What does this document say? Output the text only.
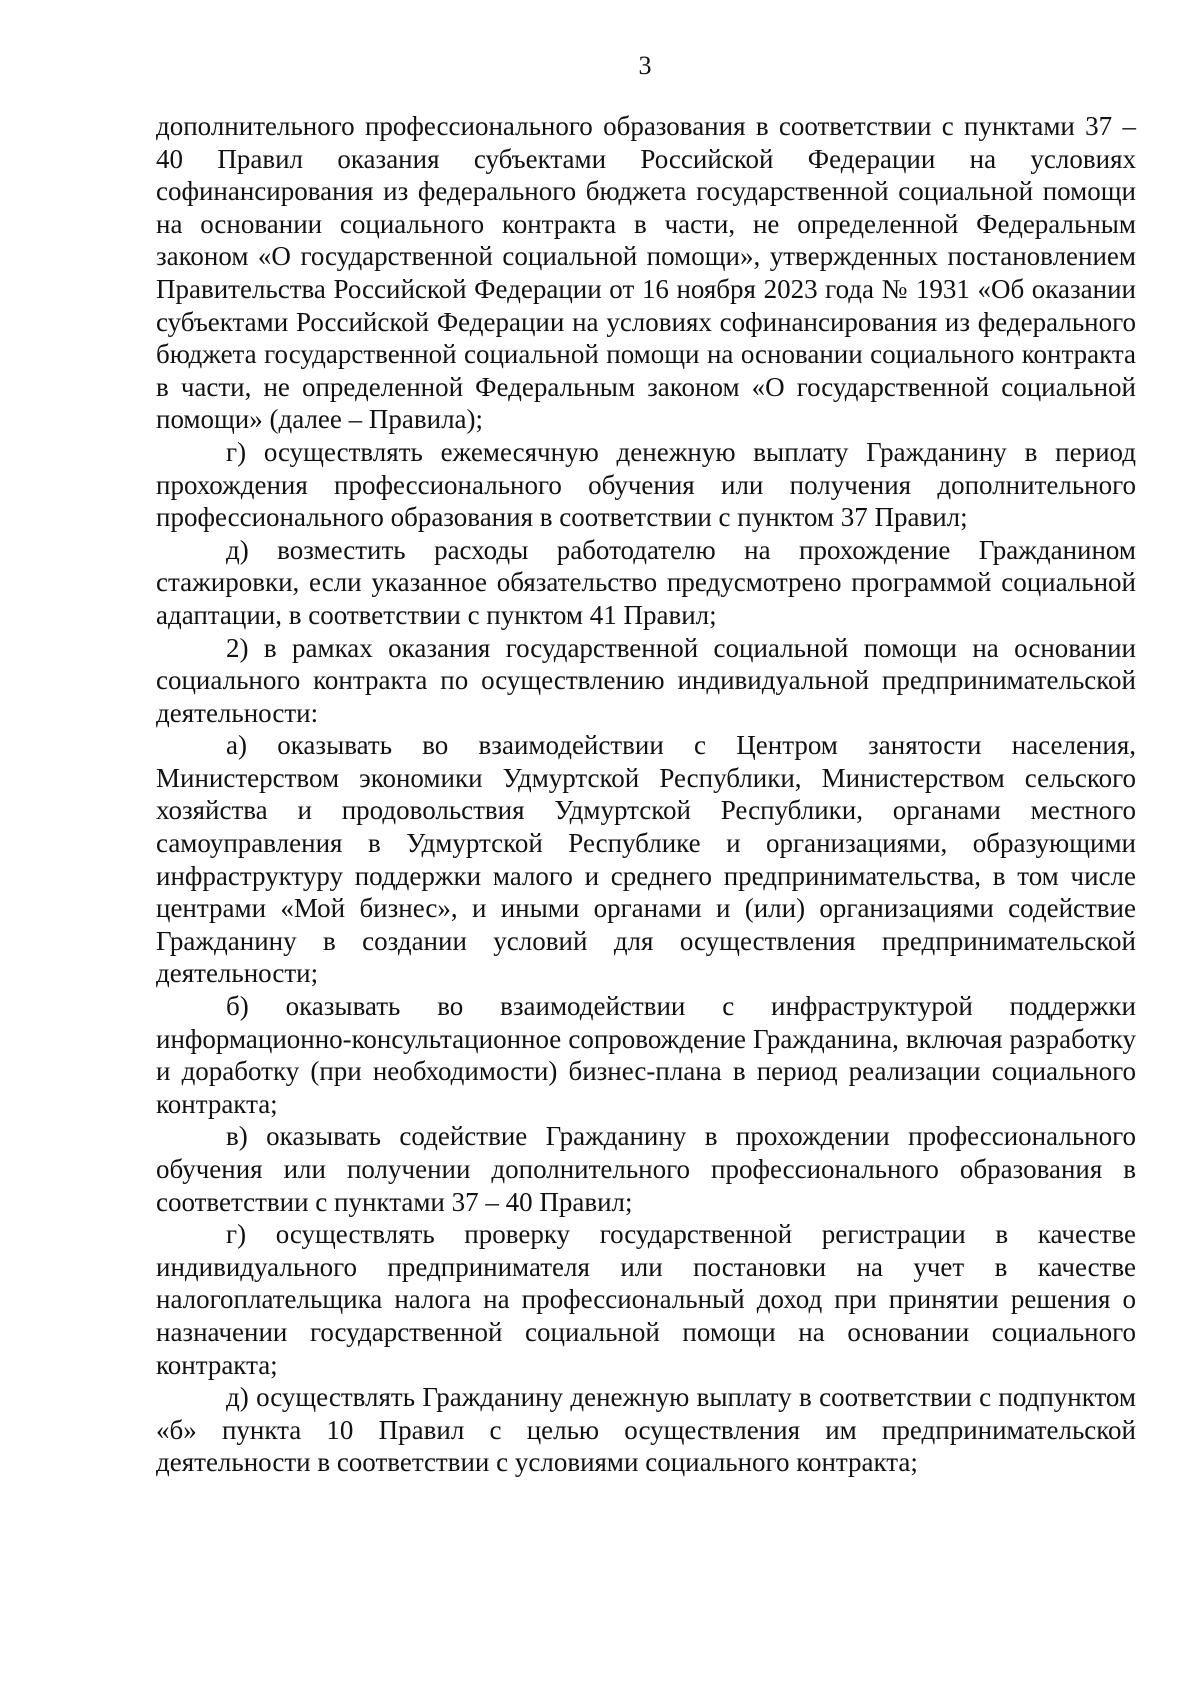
3

дополнительного профессионального образования в соответствии с пунктами 37 – 40 Правил оказания субъектами Российской Федерации на условиях софинансирования из федерального бюджета государственной социальной помощи на основании социального контракта в части, не определенной Федеральным законом «О государственной социальной помощи», утвержденных постановлением Правительства Российской Федерации от 16 ноября 2023 года № 1931 «Об оказании субъектами Российской Федерации на условиях софинансирования из федерального бюджета государственной социальной помощи на основании социального контракта в части, не определенной Федеральным законом «О государственной социальной помощи» (далее – Правила);

г) осуществлять ежемесячную денежную выплату Гражданину в период прохождения профессионального обучения или получения дополнительного профессионального образования в соответствии с пунктом 37 Правил;

д) возместить расходы работодателю на прохождение Гражданином стажировки, если указанное обязательство предусмотрено программой социальной адаптации, в соответствии с пунктом 41 Правил;

2) в рамках оказания государственной социальной помощи на основании социального контракта по осуществлению индивидуальной предпринимательской деятельности:

а) оказывать во взаимодействии с Центром занятости населения, Министерством экономики Удмуртской Республики, Министерством сельского хозяйства и продовольствия Удмуртской Республики, органами местного самоуправления в Удмуртской Республике и организациями, образующими инфраструктуру поддержки малого и среднего предпринимательства, в том числе центрами «Мой бизнес», и иными органами и (или) организациями содействие Гражданину в создании условий для осуществления предпринимательской деятельности;

б) оказывать во взаимодействии с инфраструктурой поддержки информационно-консультационное сопровождение Гражданина, включая разработку и доработку (при необходимости) бизнес-плана в период реализации социального контракта;

в) оказывать содействие Гражданину в прохождении профессионального обучения или получении дополнительного профессионального образования в соответствии с пунктами 37 – 40 Правил;

г) осуществлять проверку государственной регистрации в качестве индивидуального предпринимателя или постановки на учет в качестве налогоплательщика налога на профессиональный доход при принятии решения о назначении государственной социальной помощи на основании социального контракта;

д) осуществлять Гражданину денежную выплату в соответствии с подпунктом «б» пункта 10 Правил с целью осуществления им предпринимательской деятельности в соответствии с условиями социального контракта;
